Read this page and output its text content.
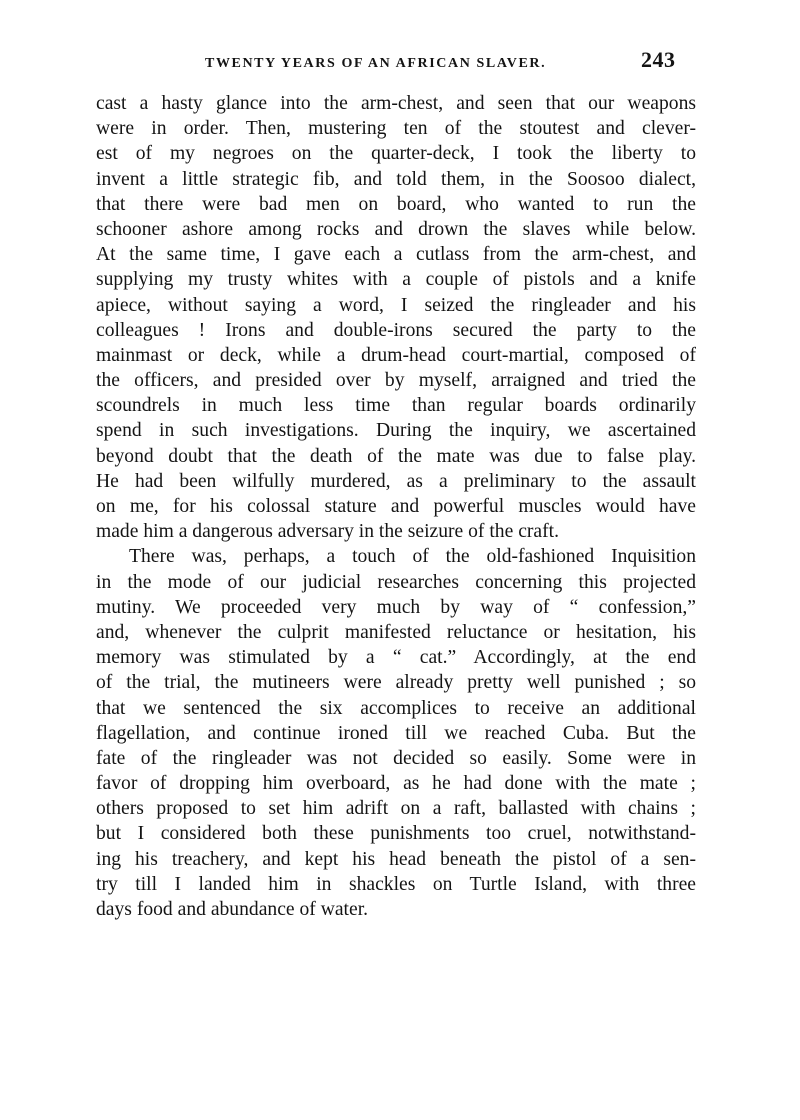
TWENTY YEARS OF AN AFRICAN SLAVER.	243
cast a hasty glance into the arm-chest, and seen that our weapons
were in order. Then, mustering ten of the stoutest and clever-
est of my negroes on the quarter-deck, I took the liberty to
invent a little strategic fib, and told them, in the Soosoo dialect,
that there were bad men on board, who wanted to run the
schooner ashore among rocks and drown the slaves while below.
At the same time, I gave each a cutlass from the arm-chest, and
supplying my trusty whites with a couple of pistols and a knife
apiece, without saying a word, I seized the ringleader and his
colleagues ! Irons and double-irons secured the party to the
mainmast or deck, while a drum-head court-martial, composed of
the officers, and presided over by myself, arraigned and tried the
scoundrels in much less time than regular boards ordinarily
spend in such investigations. During the inquiry, we ascertained
beyond doubt that the death of the mate was due to false play.
He had been wilfully murdered, as a preliminary to the assault
on me, for his colossal stature and powerful muscles would have
made him a dangerous adversary in the seizure of the craft.
There was, perhaps, a touch of the old-fashioned Inquisition
in the mode of our judicial researches concerning this projected
mutiny. We proceeded very much by way of “ confession,”
and, whenever the culprit manifested reluctance or hesitation, his
memory was stimulated by a “ cat.” Accordingly, at the end
of the trial, the mutineers were already pretty well punished ; so
that we sentenced the six accomplices to receive an additional
flagellation, and continue ironed till we reached Cuba. But the
fate of the ringleader was not decided so easily. Some were in
favor of dropping him overboard, as he had done with the mate ;
others proposed to set him adrift on a raft, ballasted with chains ;
but I considered both these punishments too cruel, notwithstand-
ing his treachery, and kept his head beneath the pistol of a sen-
try till I landed him in shackles on Turtle Island, with three
days food and abundance of water.
